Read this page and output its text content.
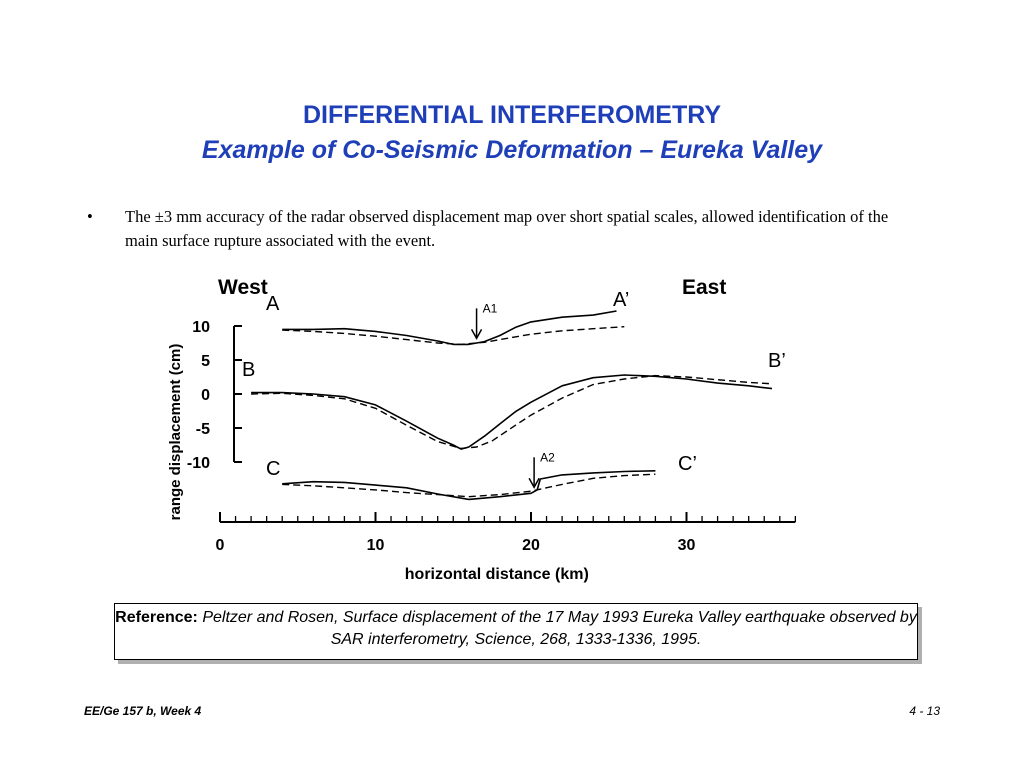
DIFFERENTIAL INTERFEROMETRY
Example of Co-Seismic Deformation – Eureka Valley
• The ±3 mm accuracy of the radar observed displacement map over short spatial scales, allowed identification of the main surface rupture associated with the event.
10
5
0
-5
-10
range displacement (cm)
0	10	20	30
horizontal distance (km)
West	East
A	A’
A1
B	B’
C	C’
A2
Reference: Peltzer and Rosen, Surface displacement of the 17 May 1993 Eureka Valley earthquake observed by SAR interferometry, Science, 268, 1333-1336, 1995.
EE/Ge 157 b, Week 4	4 - 13
